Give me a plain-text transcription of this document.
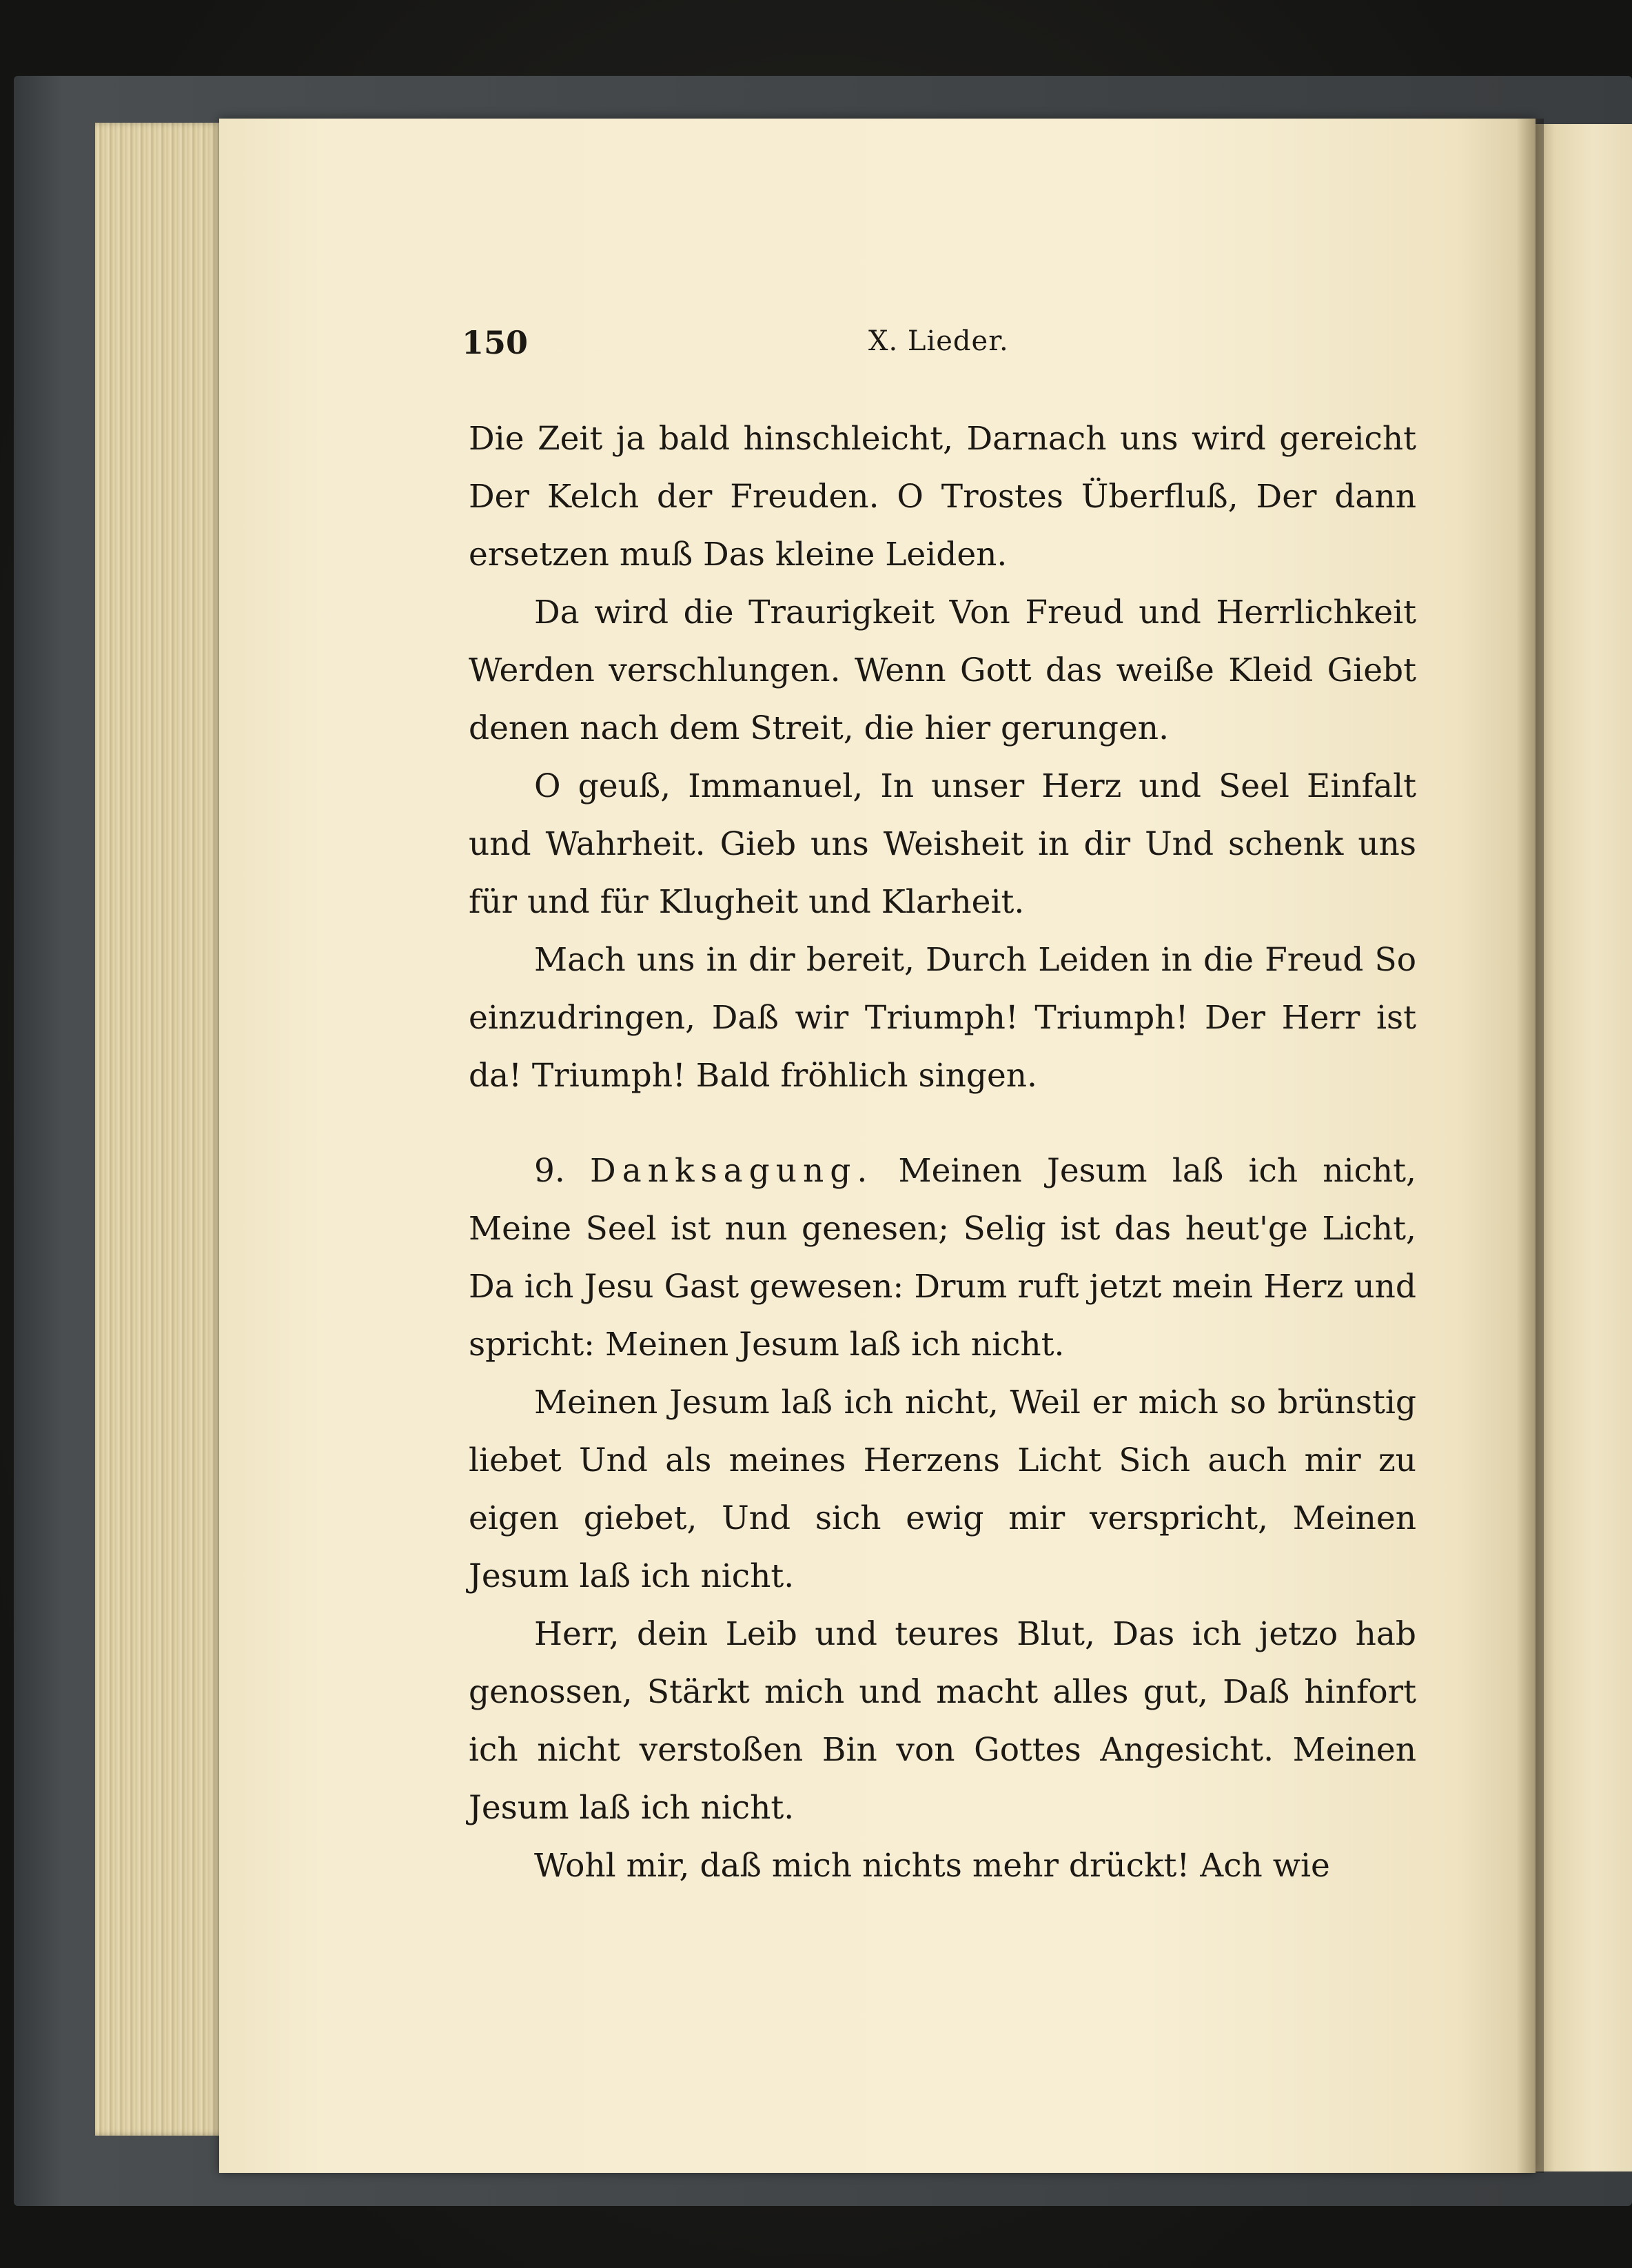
150	X. Lieder.

Die Zeit ja bald hinschleicht, Darnach uns wird gereicht Der Kelch der Freuden. O Trostes Überfluß, Der dann ersetzen muß Das kleine Leiden.

Da wird die Traurigkeit Von Freud und Herrlichkeit Werden verschlungen. Wenn Gott das weiße Kleid Giebt denen nach dem Streit, die hier gerungen.

O geuß, Immanuel, In unser Herz und Seel Einfalt und Wahrheit. Gieb uns Weisheit in dir Und schenk uns für und für Klugheit und Klarheit.

Mach uns in dir bereit, Durch Leiden in die Freud So einzudringen, Daß wir Triumph! Triumph! Der Herr ist da! Triumph! Bald fröhlich singen.

9. Danksagung. Meinen Jesum laß ich nicht, Meine Seel ist nun genesen; Selig ist das heut'ge Licht, Da ich Jesu Gast gewesen: Drum ruft jetzt mein Herz und spricht: Meinen Jesum laß ich nicht.

Meinen Jesum laß ich nicht, Weil er mich so brünstig liebet Und als meines Herzens Licht Sich auch mir zu eigen giebet, Und sich ewig mir verspricht, Meinen Jesum laß ich nicht.

Herr, dein Leib und teures Blut, Das ich jetzo hab genossen, Stärkt mich und macht alles gut, Daß hinfort ich nicht verstoßen Bin von Gottes Angesicht. Meinen Jesum laß ich nicht.

Wohl mir, daß mich nichts mehr drückt! Ach wie
